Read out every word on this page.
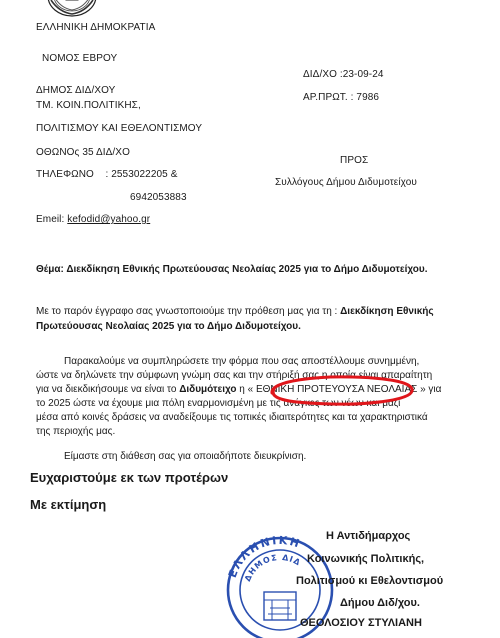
ΕΛΛΗΝΙΚΗ ΔΗΜΟΚΡΑΤΙΑ
ΝΟΜΟΣ ΕΒΡΟΥ
ΔΗΜΟΣ ΔΙΔ/ΧΟΥ
ΤΜ. ΚΟΙΝ.ΠΟΛΙΤΙΚΗΣ,
ΠΟΛΙΤΙΣΜΟΥ ΚΑΙ ΕΘΕΛΟΝΤΙΣΜΟΥ
ΟΘΩΝΟς 35 ΔΙΔ/ΧΟ
ΤΗΛΕΦΩΝΟ : 2553022205 &
6942053883
Emeil: kefodid@yahoo.gr
ΔΙΔ/ΧΟ :23-09-24
ΑΡ.ΠΡΩΤ. : 7986
ΠΡΟΣ
Συλλόγους Δήμου Διδυμοτείχου
Θέμα: Διεκδίκηση Εθνικής Πρωτεύουσας Νεολαίας 2025 για το Δήμο Διδυμοτείχου.
Με το παρόν έγγραφο σας γνωστοποιούμε την πρόθεση μας για τη : Διεκδίκηση Εθνικής
Πρωτεύουσας Νεολαίας 2025 για το Δήμο Διδυμοτείχου.
Παρακαλούμε να συμπληρώσετε την φόρμα που σας αποστέλλουμε συνημμένη,
ώστε να δηλώνετε την σύμφωνη γνώμη σας και την στήριξή σας η οποία είναι απαραίτητη
για να διεκδικήσουμε να είναι το Διδυμότειχο η « ΕΘΝΙΚΗ ΠΡΟΤΕΥΟΥΣΑ ΝΕΟΛΑΙΑΣ » για
το 2025 ώστε να έχουμε μια πόλη εναρμονισμένη με τις ανάγκες των νέων και μαζί
μέσα από κοινές δράσεις να αναδείξουμε τις τοπικές ιδιαιτερότητες και τα χαρακτηριστικά
της περιοχής μας.
Είμαστε στη διάθεση σας για οποιαδήποτε διευκρίνιση.
Ευχαριστούμε εκ των προτέρων
Με εκτίμηση
ΕΛΛΗΝΙΚΗ
ΔΗΜΟΣ ΔΙΔ
Η Αντιδήμαρχος
Κοινωνικής Πολιτικής,
Πολιτισμού κι Εθελοντισμού
Δήμου Διδ/χου.
ΘΕΟΛΟΣΙΟΥ ΣΤΥΛΙΑΝΗ
